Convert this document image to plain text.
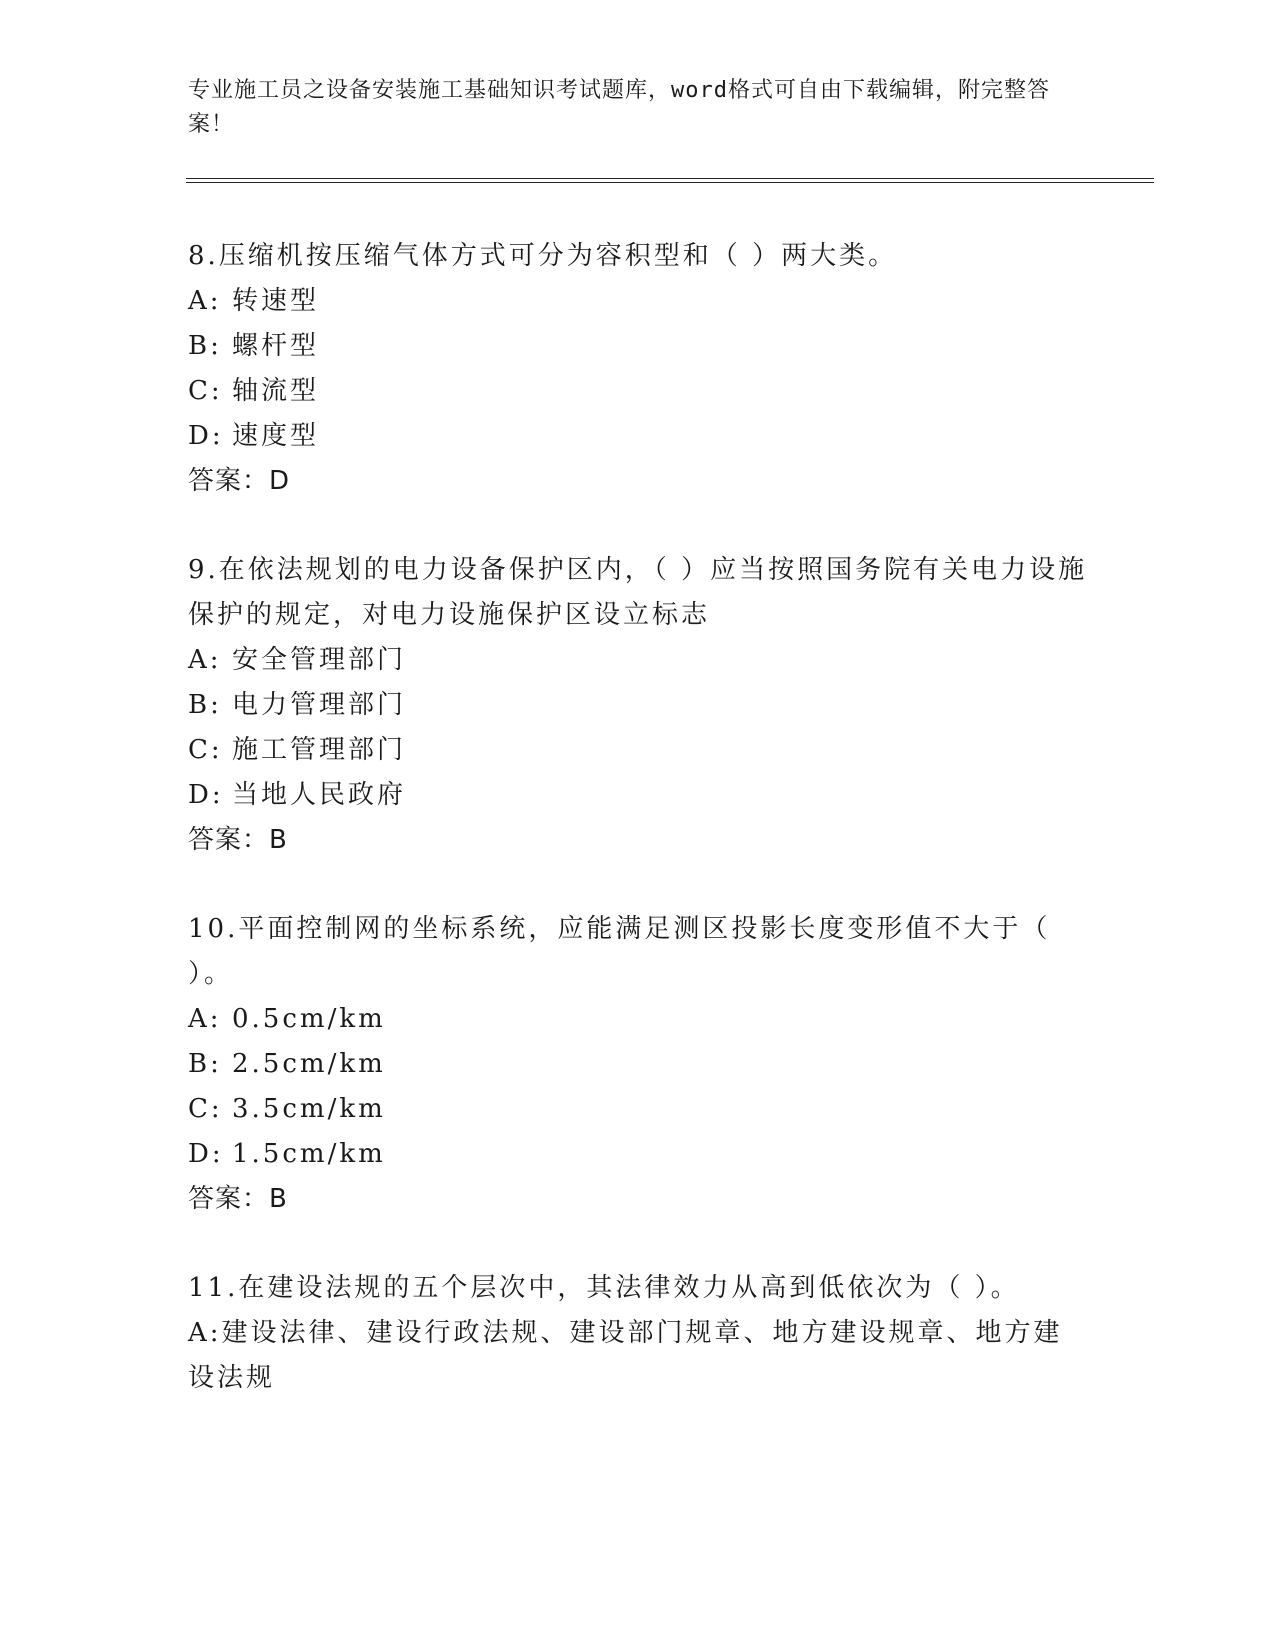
专业施工员之设备安装施工基础知识考试题库，word格式可自由下载编辑，附完整答案！
8.压缩机按压缩气体方式可分为容积型和（ ）两大类。
A: 转速型
B: 螺杆型
C: 轴流型
D: 速度型
答案：D
9.在依法规划的电力设备保护区内，（ ）应当按照国务院有关电力设施保护的规定，对电力设施保护区设立标志
A: 安全管理部门
B: 电力管理部门
C: 施工管理部门
D: 当地人民政府
答案：B
10.平面控制网的坐标系统，应能满足测区投影长度变形值不大于（ ）。
A: 0.5cm/km
B: 2.5cm/km
C: 3.5cm/km
D: 1.5cm/km
答案：B
11.在建设法规的五个层次中，其法律效力从高到低依次为（ ）。
A:建设法律、建设行政法规、建设部门规章、地方建设规章、地方建设法规
